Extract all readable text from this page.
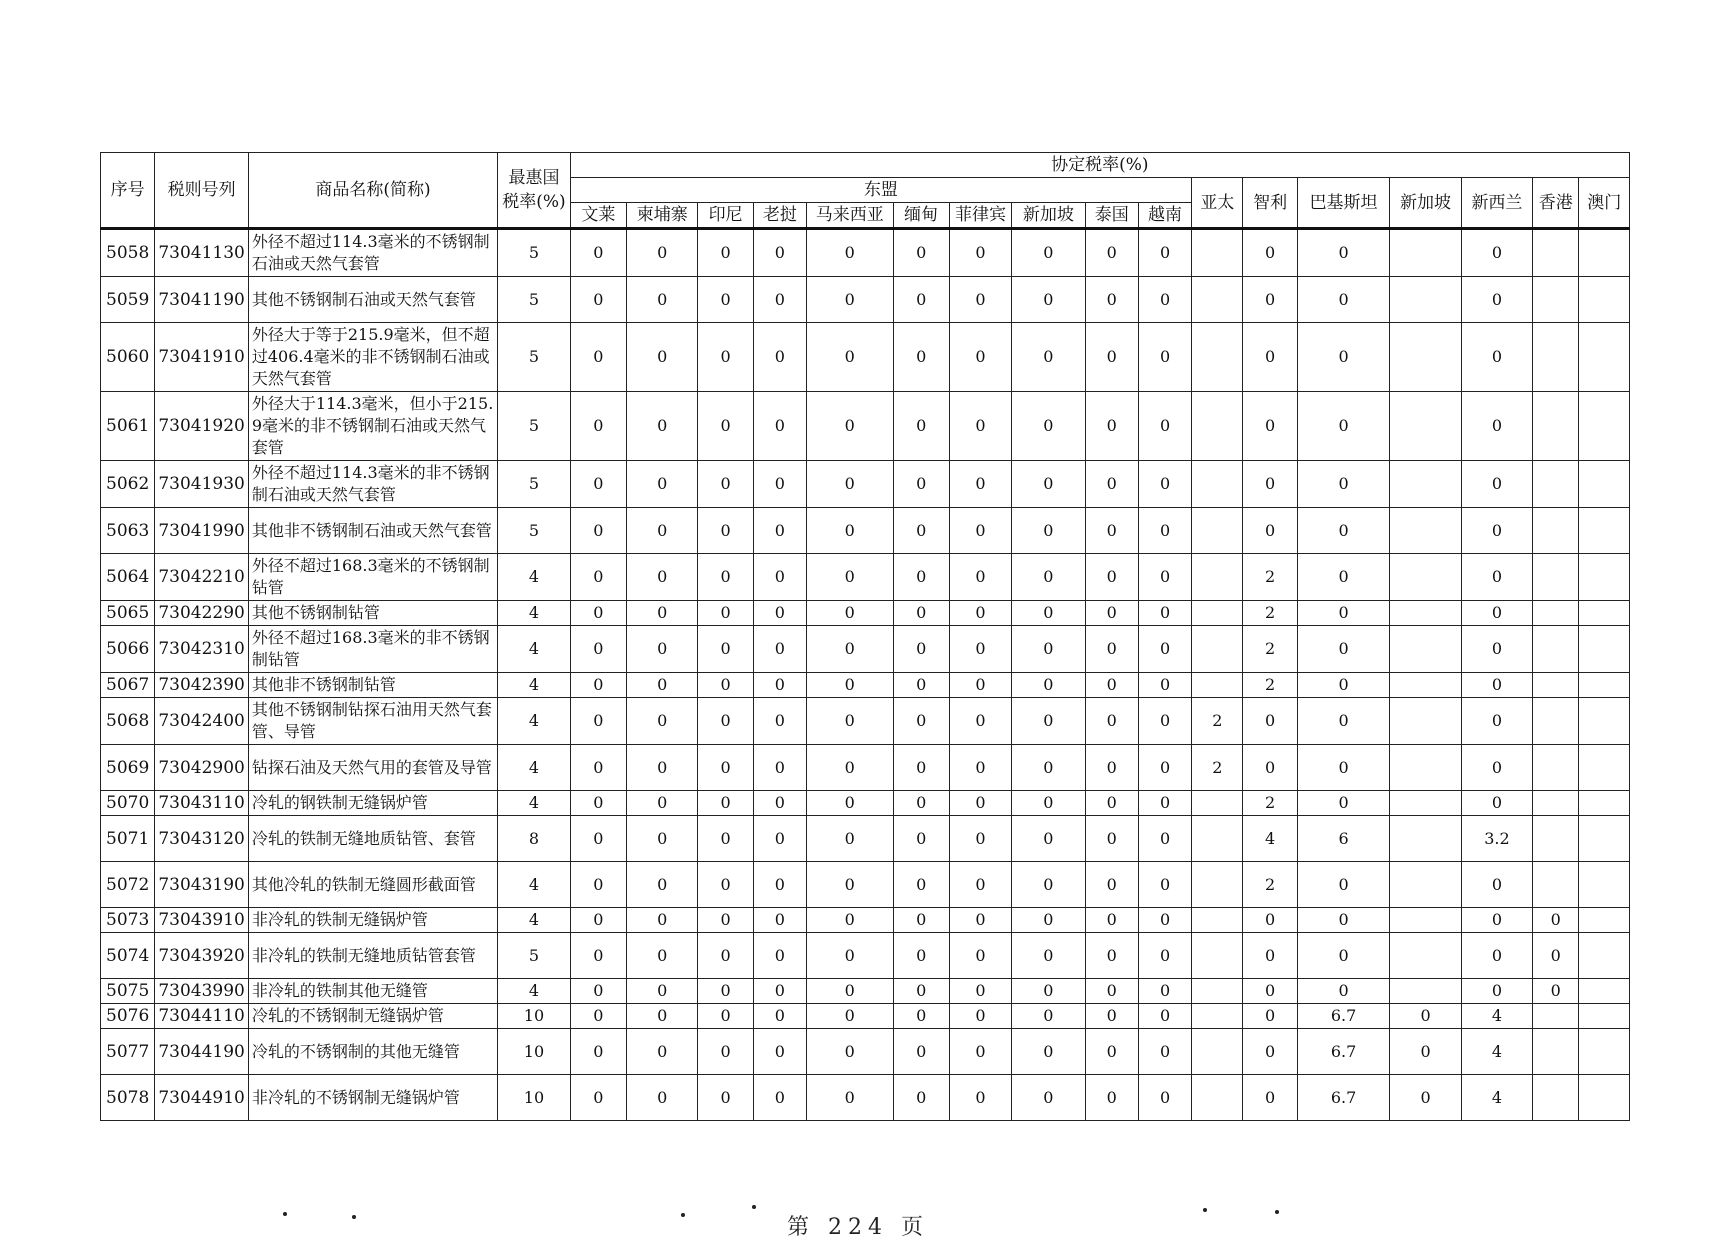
序号	税则号列	商品名称(简称)	最惠国税率(%)	协定税率(%)																
				东盟										亚太	智利	巴基斯坦	新加坡	新西兰	香港	澳门
				文莱	柬埔寨	印尼	老挝	马来西亚	缅甸	菲律宾	新加坡	泰国	越南							
5058	73041130	外径不超过114.3毫米的不锈钢制石油或天然气套管	5	0	0	0	0	0	0	0	0	0	0		0	0		0		
5059	73041190	其他不锈钢制石油或天然气套管	5	0	0	0	0	0	0	0	0	0	0		0	0		0		
5060	73041910	外径大于等于215.9毫米，但不超过406.4毫米的非不锈钢制石油或天然气套管	5	0	0	0	0	0	0	0	0	0	0		0	0		0		
5061	73041920	外径大于114.3毫米，但小于215.9毫米的非不锈钢制石油或天然气套管	5	0	0	0	0	0	0	0	0	0	0		0	0		0		
5062	73041930	外径不超过114.3毫米的非不锈钢制石油或天然气套管	5	0	0	0	0	0	0	0	0	0	0		0	0		0		
5063	73041990	其他非不锈钢制石油或天然气套管	5	0	0	0	0	0	0	0	0	0	0		0	0		0		
5064	73042210	外径不超过168.3毫米的不锈钢制钻管	4	0	0	0	0	0	0	0	0	0	0		2	0		0		
5065	73042290	其他不锈钢制钻管	4	0	0	0	0	0	0	0	0	0	0		2	0		0		
5066	73042310	外径不超过168.3毫米的非不锈钢制钻管	4	0	0	0	0	0	0	0	0	0	0		2	0		0		
5067	73042390	其他非不锈钢制钻管	4	0	0	0	0	0	0	0	0	0	0		2	0		0		
5068	73042400	其他不锈钢制钻探石油用天然气套管、导管	4	0	0	0	0	0	0	0	0	0	0	2	0	0		0		
5069	73042900	钻探石油及天然气用的套管及导管	4	0	0	0	0	0	0	0	0	0	0	2	0	0		0		
5070	73043110	冷轧的钢铁制无缝锅炉管	4	0	0	0	0	0	0	0	0	0	0		2	0		0		
5071	73043120	冷轧的铁制无缝地质钻管、套管	8	0	0	0	0	0	0	0	0	0	0		4	6		3.2		
5072	73043190	其他冷轧的铁制无缝圆形截面管	4	0	0	0	0	0	0	0	0	0	0		2	0		0		
5073	73043910	非冷轧的铁制无缝锅炉管	4	0	0	0	0	0	0	0	0	0	0		0	0		0	0	
5074	73043920	非冷轧的铁制无缝地质钻管套管	5	0	0	0	0	0	0	0	0	0	0		0	0		0	0	
5075	73043990	非冷轧的铁制其他无缝管	4	0	0	0	0	0	0	0	0	0	0		0	0		0	0	
5076	73044110	冷轧的不锈钢制无缝锅炉管	10	0	0	0	0	0	0	0	0	0	0		0	6.7	0	4		
5077	73044190	冷轧的不锈钢制的其他无缝管	10	0	0	0	0	0	0	0	0	0	0		0	6.7	0	4		
5078	73044910	非冷轧的不锈钢制无缝锅炉管	10	0	0	0	0	0	0	0	0	0	0		0	6.7	0	4		
第 224 页
